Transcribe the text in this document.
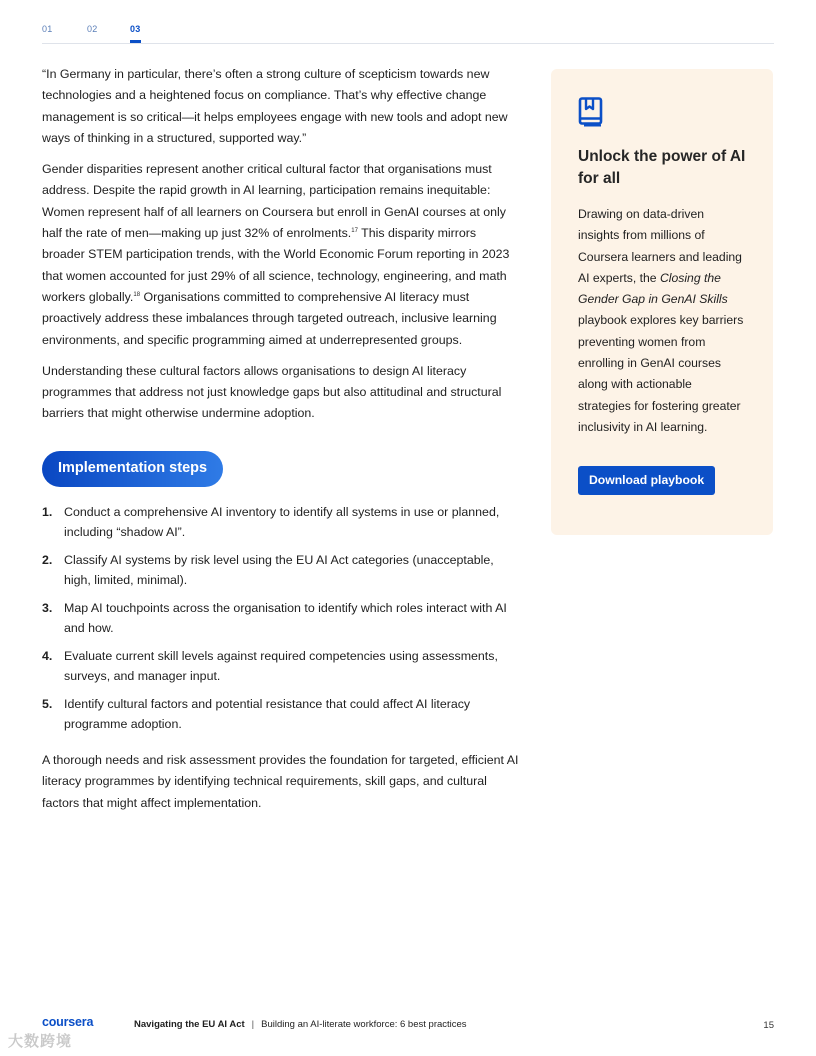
01	02	03

“In Germany in particular, there’s often a strong culture of scepticism towards new technologies and a heightened focus on compliance. That’s why effective change management is so critical—it helps employees engage with new tools and adopt new ways of thinking in a structured, supported way.”

Gender disparities represent another critical cultural factor that organisations must address. Despite the rapid growth in AI learning, participation remains inequitable: Women represent half of all learners on Coursera but enroll in GenAI courses at only half the rate of men—making up just 32% of enrolments.$^{17}$ This disparity mirrors broader STEM participation trends, with the World Economic Forum reporting in 2023 that women accounted for just 29% of all science, technology, engineering, and math workers globally.$^{18}$ Organisations committed to comprehensive AI literacy must proactively address these imbalances through targeted outreach, inclusive learning environments, and specific programming aimed at underrepresented groups.

Understanding these cultural factors allows organisations to design AI literacy programmes that address not just knowledge gaps but also attitudinal and structural barriers that might otherwise undermine adoption.

Implementation steps
1. Conduct a comprehensive AI inventory to identify all systems in use or planned, including “shadow AI”.
2. Classify AI systems by risk level using the EU AI Act categories (unacceptable, high, limited, minimal).
3. Map AI touchpoints across the organisation to identify which roles interact with AI and how.
4. Evaluate current skill levels against required competencies using assessments, surveys, and manager input.
5. Identify cultural factors and potential resistance that could affect AI literacy programme adoption.

A thorough needs and risk assessment provides the foundation for targeted, efficient AI literacy programmes by identifying technical requirements, skill gaps, and cultural factors that might affect implementation.

Unlock the power of AI for all
Drawing on data-driven insights from millions of Coursera learners and leading AI experts, the Closing the Gender Gap in GenAI Skills playbook explores key barriers preventing women from enrolling in GenAI courses along with actionable strategies for fostering greater inclusivity in AI learning.
Download playbook
coursera	Navigating the EU AI Act | Building an AI-literate workforce: 6 best practices	15
大数跨境
